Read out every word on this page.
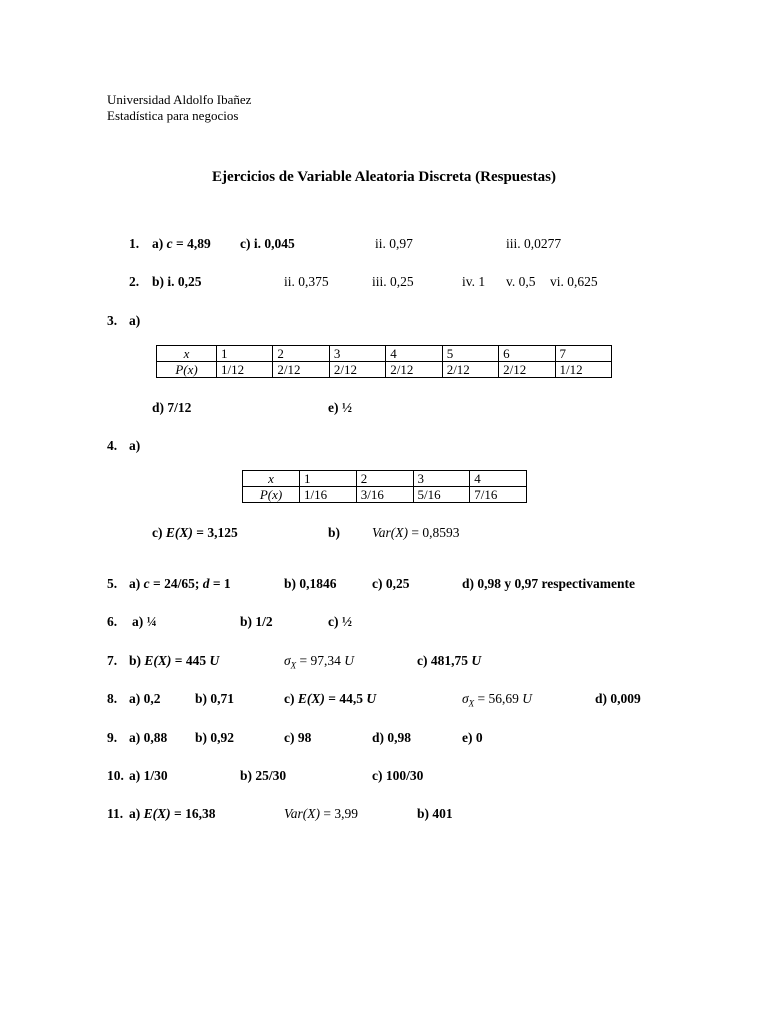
Universidad Aldolfo Ibañez
Estadística para negocios
Ejercicios de Variable Aleatoria Discreta (Respuestas)
1. a) c = 4,89 c) i. 0,045	ii. 0,97	iii. 0,0277
2. b) i. 0,25	ii. 0,375	iii. 0,25	iv. 1 v. 0,5 vi. 0,625
3. a)
x	1	2	3	4	5	6	7
P(x)	1/12	2/12	2/12	2/12	2/12	2/12	1/12
d) 7/12	e) ½
4. a)
x	1	2	3	4
P(x)	1/16	3/16	5/16	7/16
c) E(X) = 3,125	b) Var(X) = 0,8593
5. a) c = 24/65; d = 1	b) 0,1846	c) 0,25	d) 0,98 y 0,97 respectivamente
6. a) ¼	b) 1/2	c) ½
7. b) E(X) = 445 U	$\sigma_X = 97,34$ U	c) 481,75 U
8. a) 0,2	b) 0,71	c) E(X) = 44,5 U	$\sigma_X = 56,69$ U	d) 0,009
9. a) 0,88 b) 0,92	c) 98	d) 0,98	e) 0
10. a) 1/30	b) 25/30	c) 100/30
11. a) E(X) = 16,38	Var(X) = 3,99	b) 401
